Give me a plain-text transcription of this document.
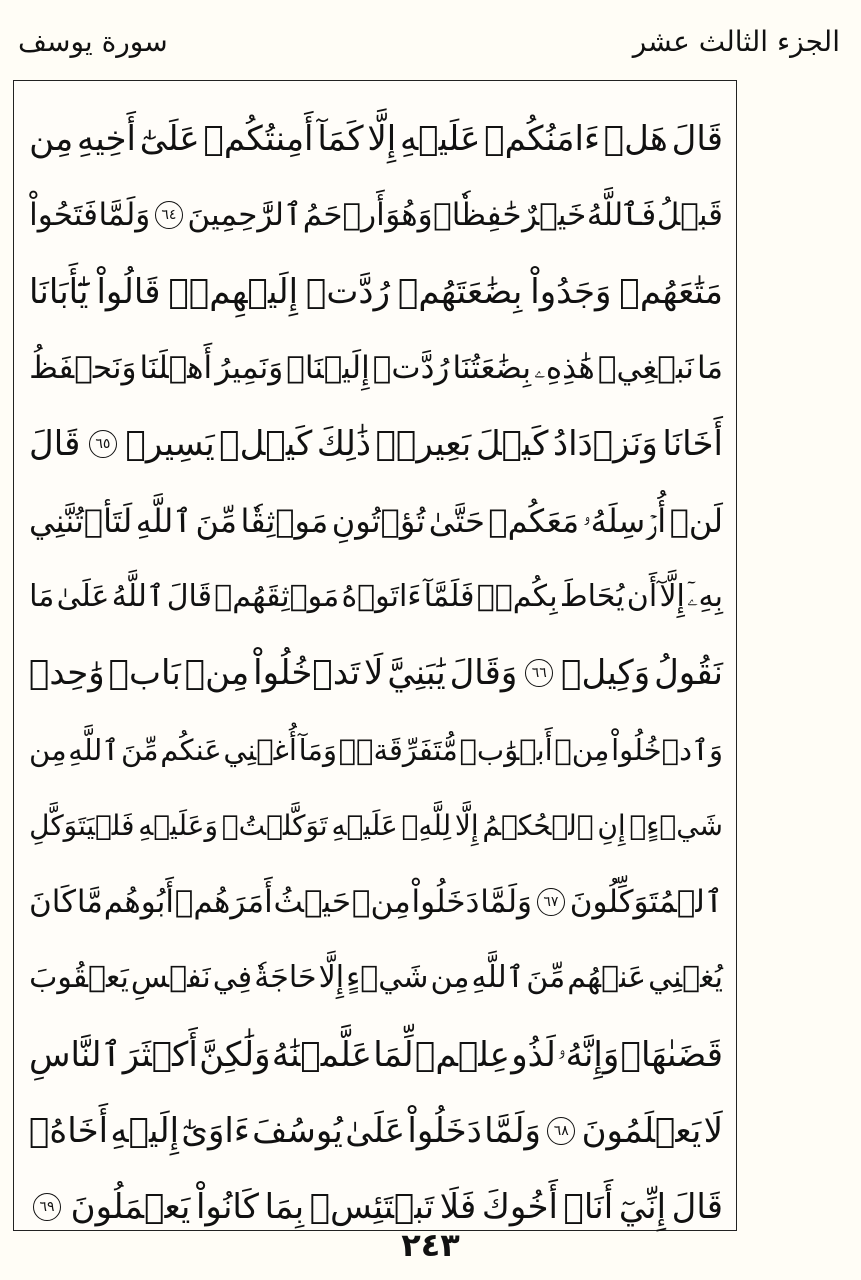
الجزء الثالث عشر
سورة يوسف
قَالَ
هَلۡ
ءَامَنُكُمۡ
عَلَيۡهِ
إِلَّا
كَمَآ
أَمِنتُكُمۡ
عَلَىٰٓ
أَخِيهِ
مِن
قَبۡلُ
فَٱللَّهُ
خَيۡرٌ
حَٰفِظٗاۖ
وَهُوَ
أَرۡحَمُ
ٱلرَّٰحِمِينَ
٦٤
وَلَمَّا
فَتَحُواْ
مَتَٰعَهُمۡ
وَجَدُواْ
بِضَٰعَتَهُمۡ
رُدَّتۡ
إِلَيۡهِمۡۖ
قَالُواْ
يَٰٓأَبَانَا
مَا
نَبۡغِيۖ
هَٰذِهِۦ
بِضَٰعَتُنَا
رُدَّتۡ
إِلَيۡنَاۖ
وَنَمِيرُ
أَهۡلَنَا
وَنَحۡفَظُ
أَخَانَا
وَنَزۡدَادُ
كَيۡلَ
بَعِيرٖۖ
ذَٰلِكَ
كَيۡلٞ
يَسِيرٞ
٦٥
قَالَ
لَنۡ
أُرۡسِلَهُۥ
مَعَكُمۡ
حَتَّىٰ
تُؤۡتُونِ
مَوۡثِقٗا
مِّنَ
ٱللَّهِ
لَتَأۡتُنَّنِي
بِهِۦٓ
إِلَّآ
أَن
يُحَاطَ
بِكُمۡۖ
فَلَمَّآ
ءَاتَوۡهُ
مَوۡثِقَهُمۡ
قَالَ
ٱللَّهُ
عَلَىٰ
مَا
نَقُولُ
وَكِيلٞ
٦٦
وَقَالَ
يَٰبَنِيَّ
لَا
تَدۡخُلُواْ
مِنۢ
بَابٖ
وَٰحِدٖ
وَٱدۡخُلُواْ
مِنۡ
أَبۡوَٰبٖ
مُّتَفَرِّقَةٖۖ
وَمَآ
أُغۡنِي
عَنكُم
مِّنَ
ٱللَّهِ
مِن
شَيۡءٍۖ
إِنِ
ٱلۡحُكۡمُ
إِلَّا
لِلَّهِۖ
عَلَيۡهِ
تَوَكَّلۡتُۖ
وَعَلَيۡهِ
فَلۡيَتَوَكَّلِ
ٱلۡمُتَوَكِّلُونَ
٦٧
وَلَمَّا
دَخَلُواْ
مِنۡ
حَيۡثُ
أَمَرَهُمۡ
أَبُوهُم
مَّا
كَانَ
يُغۡنِي
عَنۡهُم
مِّنَ
ٱللَّهِ
مِن
شَيۡءٍ
إِلَّا
حَاجَةٗ
فِي
نَفۡسِ
يَعۡقُوبَ
قَضَىٰهَاۚ
وَإِنَّهُۥ
لَذُو
عِلۡمٖ
لِّمَا
عَلَّمۡنَٰهُ
وَلَٰكِنَّ
أَكۡثَرَ
ٱلنَّاسِ
لَا
يَعۡلَمُونَ
٦٨
وَلَمَّا
دَخَلُواْ
عَلَىٰ
يُوسُفَ
ءَاوَىٰٓ
إِلَيۡهِ
أَخَاهُۖ
قَالَ
إِنِّيٓ
أَنَا۠
أَخُوكَ
فَلَا
تَبۡتَئِسۡ
بِمَا
كَانُواْ
يَعۡمَلُونَ
٦٩
٢٤٣
